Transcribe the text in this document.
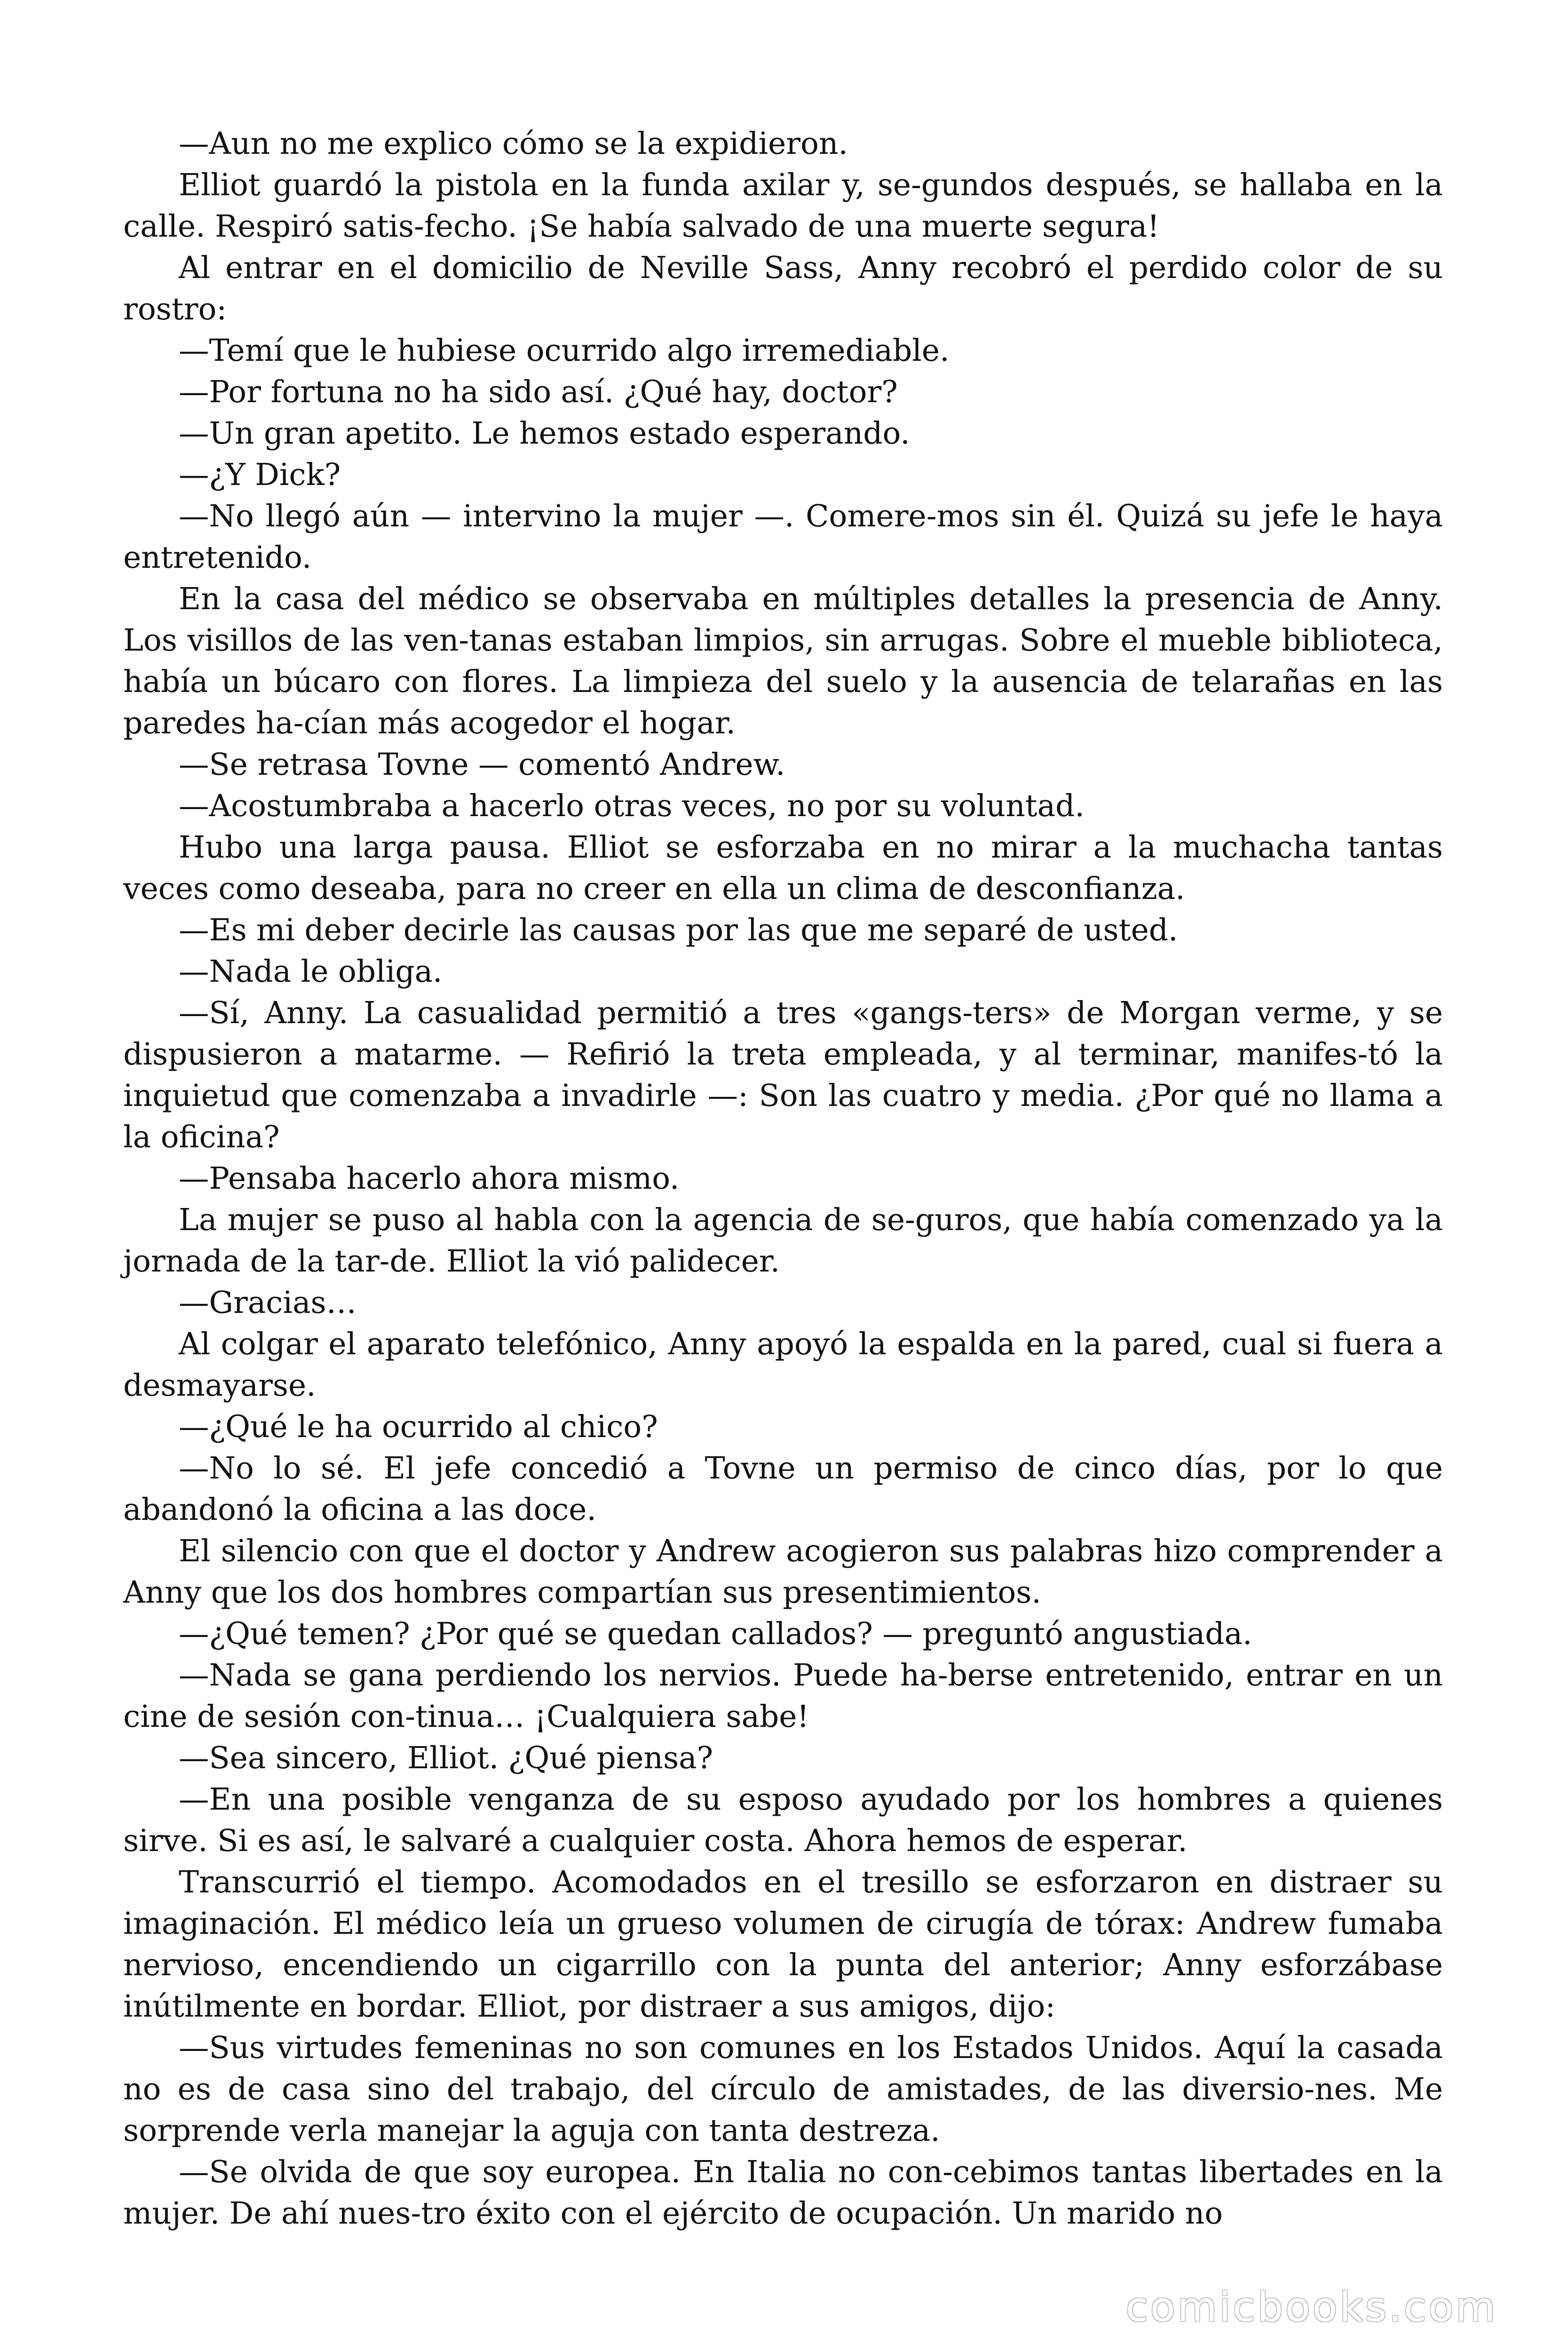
—Aun no me explico cómo se la expidieron.

Elliot guardó la pistola en la funda axilar y, se-gundos después, se hallaba en la calle. Respiró satis-fecho. ¡Se había salvado de una muerte segura!

Al entrar en el domicilio de Neville Sass, Anny recobró el perdido color de su rostro:

—Temí que le hubiese ocurrido algo irremediable.

—Por fortuna no ha sido así. ¿Qué hay, doctor?

—Un gran apetito. Le hemos estado esperando.

—¿Y Dick?

—No llegó aún — intervino la mujer —. Comere-mos sin él. Quizá su jefe le haya entretenido.

En la casa del médico se observaba en múltiples detalles la presencia de Anny. Los visillos de las ven-tanas estaban limpios, sin arrugas. Sobre el mueble biblioteca, había un búcaro con flores. La limpieza del suelo y la ausencia de telarañas en las paredes ha-cían más acogedor el hogar.

—Se retrasa Tovne — comentó Andrew.

—Acostumbraba a hacerlo otras veces, no por su voluntad.

Hubo una larga pausa. Elliot se esforzaba en no mirar a la muchacha tantas veces como deseaba, para no creer en ella un clima de desconfianza.

—Es mi deber decirle las causas por las que me separé de usted.

—Nada le obliga.

—Sí, Anny. La casualidad permitió a tres «gangs-ters» de Morgan verme, y se dispusieron a matarme. — Refirió la treta empleada, y al terminar, manifes-tó la inquietud que comenzaba a invadirle —: Son las cuatro y media. ¿Por qué no llama a la oficina?

—Pensaba hacerlo ahora mismo.

La mujer se puso al habla con la agencia de se-guros, que había comenzado ya la jornada de la tar-de. Elliot la vió palidecer.

—Gracias…

Al colgar el aparato telefónico, Anny apoyó la espalda en la pared, cual si fuera a desmayarse.

—¿Qué le ha ocurrido al chico?

—No lo sé. El jefe concedió a Tovne un permiso de cinco días, por lo que abandonó la oficina a las doce.

El silencio con que el doctor y Andrew acogieron sus palabras hizo comprender a Anny que los dos hombres compartían sus presentimientos.

—¿Qué temen? ¿Por qué se quedan callados? — preguntó angustiada.

—Nada se gana perdiendo los nervios. Puede ha-berse entretenido, entrar en un cine de sesión con-tinua… ¡Cualquiera sabe!

—Sea sincero, Elliot. ¿Qué piensa?

—En una posible venganza de su esposo ayudado por los hombres a quienes sirve. Si es así, le salvaré a cualquier costa. Ahora hemos de esperar.

Transcurrió el tiempo. Acomodados en el tresillo se esforzaron en distraer su imaginación. El médico leía un grueso volumen de cirugía de tórax: Andrew fumaba nervioso, encendiendo un cigarrillo con la punta del anterior; Anny esforzábase inútilmente en bordar. Elliot, por distraer a sus amigos, dijo:

—Sus virtudes femeninas no son comunes en los Estados Unidos. Aquí la casada no es de casa sino del trabajo, del círculo de amistades, de las diversio-nes. Me sorprende verla manejar la aguja con tanta destreza.

—Se olvida de que soy europea. En Italia no con-cebimos tantas libertades en la mujer. De ahí nues-tro éxito con el ejército de ocupación. Un marido no

comicbooks.com
